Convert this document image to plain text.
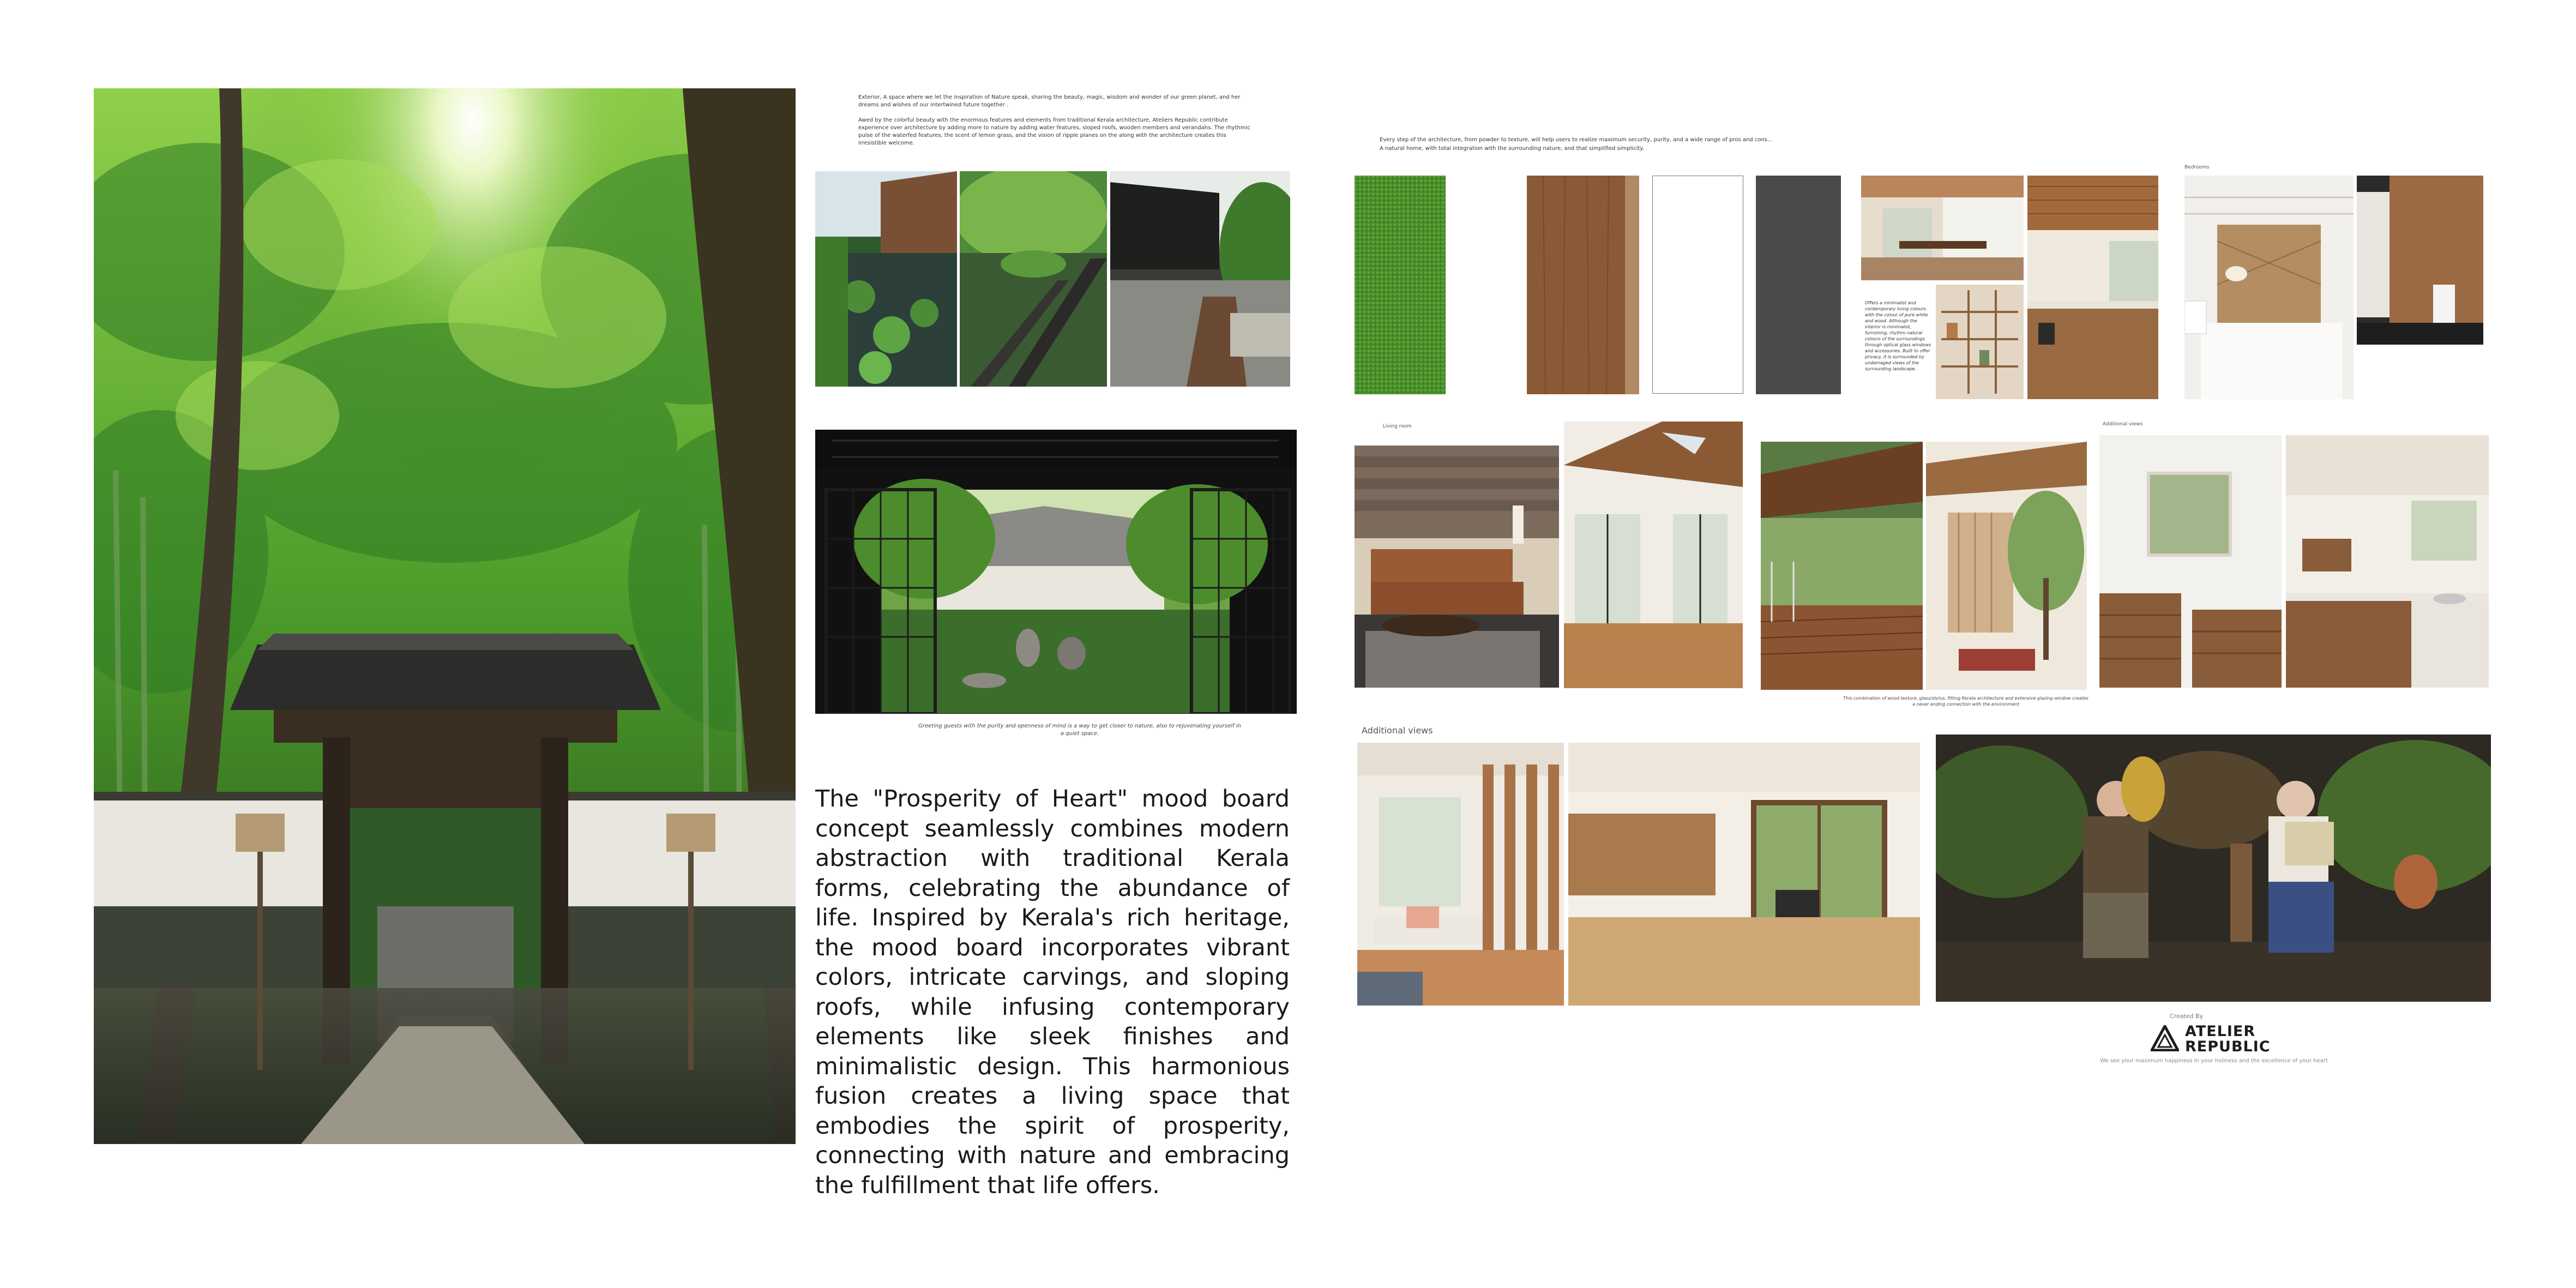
Exterior, A space where we let the inspiration of Nature speak, sharing the beauty, magic, wisdom and wonder of our green planet, and her dreams and wishes of our intertwined future together .
Awed by the colorful beauty with the enormous features and elements from traditional Kerala architecture, Ateliers Republic contribute experience over architecture by adding more to nature by adding water features, sloped roofs, wooden members and verandahs. The rhythmic pulse of the waterfed features, the scent of lemon grass, and the vision of ripple planes on the along with the architecture creates this irresistible welcome.
Greeting guests with the purity and openness of mind is a way to get closer to nature, also to rejuvenating yourself in a quiet space.
The "Prosperity of Heart" mood board concept seamlessly combines modern abstraction with traditional Kerala forms, celebrating the abundance of life. Inspired by Kerala's rich heritage, the mood board incorporates vibrant colors, intricate carvings, and sloping roofs, while infusing contemporary elements like sleek finishes and minimalistic design. This harmonious fusion creates a living space that embodies the spirit of prosperity, connecting with nature and embracing the fulfillment that life offers.
Every step of the architecture, from powder to texture, will help users to realize maximum security, purity, and a wide range of pros and cons...
A natural home, with total integration with the surrounding nature, and that simplified simplicity.
Offers a minimalist and contemporary living colours with the colour of pure white and wood. Although the interior is minimalist, furnishing, rhythm natural colours of the surroundings through optical glass windows and accessories. Built to offer privacy, it is surrounded by undamaged views of the surrounding landscape.
Bedrooms
Living room
This combination of wood texture, glass/stylus, fitting Kerala architecture and extensive glazing window creates a never ending connection with the environment
Additional views
Additional views
Created By
ATELIER
REPUBLIC
We see your maximum happiness in your holiness and the excellence of your heart
